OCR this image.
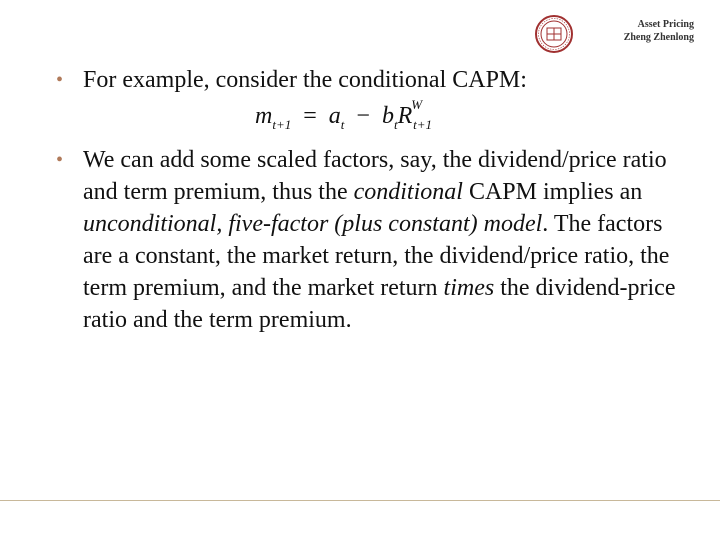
Asset Pricing
Zheng Zhenlong
• For example, consider the conditional CAPM:
$m_{t+1} = a_t - b_tR^W_{t+1}$
• We can add some scaled factors, say, the dividend/price ratio and term premium, thus the conditional CAPM implies an unconditional, five-factor (plus constant) model. The factors are a constant, the market return, the dividend/price ratio, the term premium, and the market return times the dividend-price ratio and the term premium.
